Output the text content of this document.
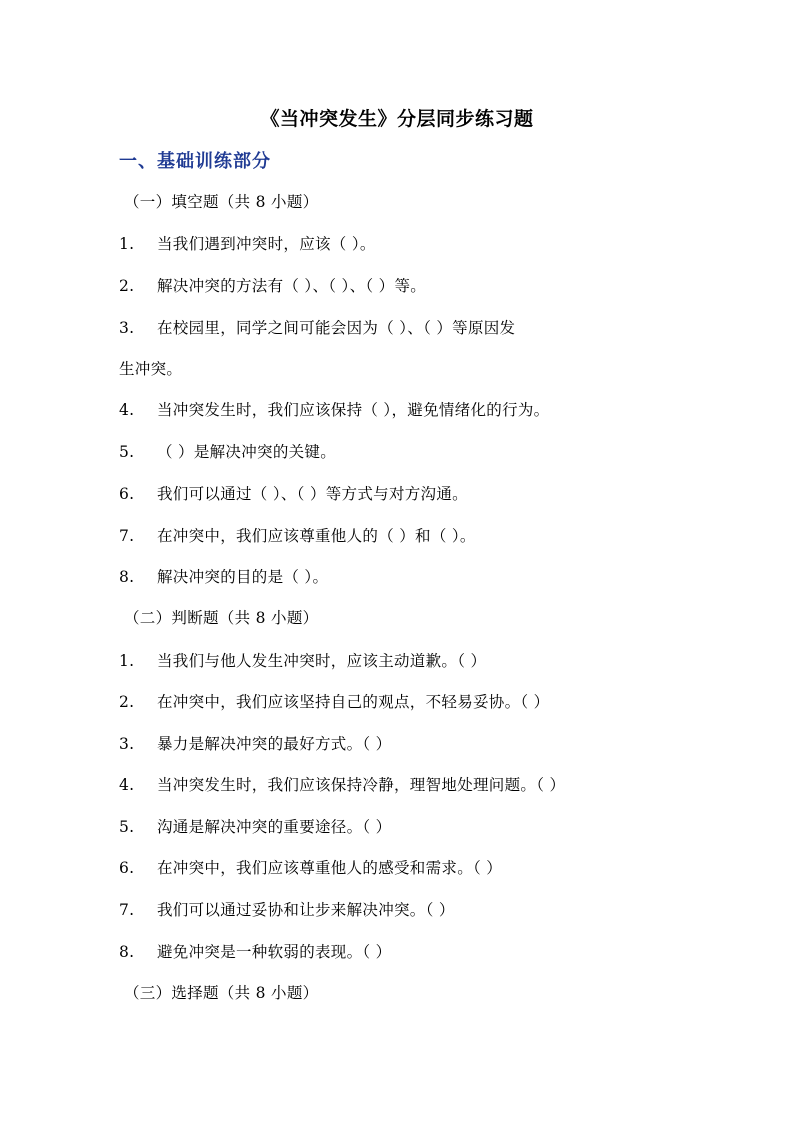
《当冲突发生》分层同步练习题
一、基础训练部分
（一）填空题（共 8 小题）
1. 当我们遇到冲突时，应该（ ）。
2. 解决冲突的方法有（ ）、（ ）、（ ）等。
3. 在校园里，同学之间可能会因为（ ）、（ ）等原因发
生冲突。
4. 当冲突发生时，我们应该保持（ ），避免情绪化的行为。
5. （ ）是解决冲突的关键。
6. 我们可以通过（ ）、（ ）等方式与对方沟通。
7. 在冲突中，我们应该尊重他人的（ ）和（ ）。
8. 解决冲突的目的是（ ）。
（二）判断题（共 8 小题）
1. 当我们与他人发生冲突时，应该主动道歉。（ ）
2. 在冲突中，我们应该坚持自己的观点，不轻易妥协。（ ）
3. 暴力是解决冲突的最好方式。（ ）
4. 当冲突发生时，我们应该保持冷静，理智地处理问题。（ ）
5. 沟通是解决冲突的重要途径。（ ）
6. 在冲突中，我们应该尊重他人的感受和需求。（ ）
7. 我们可以通过妥协和让步来解决冲突。（ ）
8. 避免冲突是一种软弱的表现。（ ）
（三）选择题（共 8 小题）
